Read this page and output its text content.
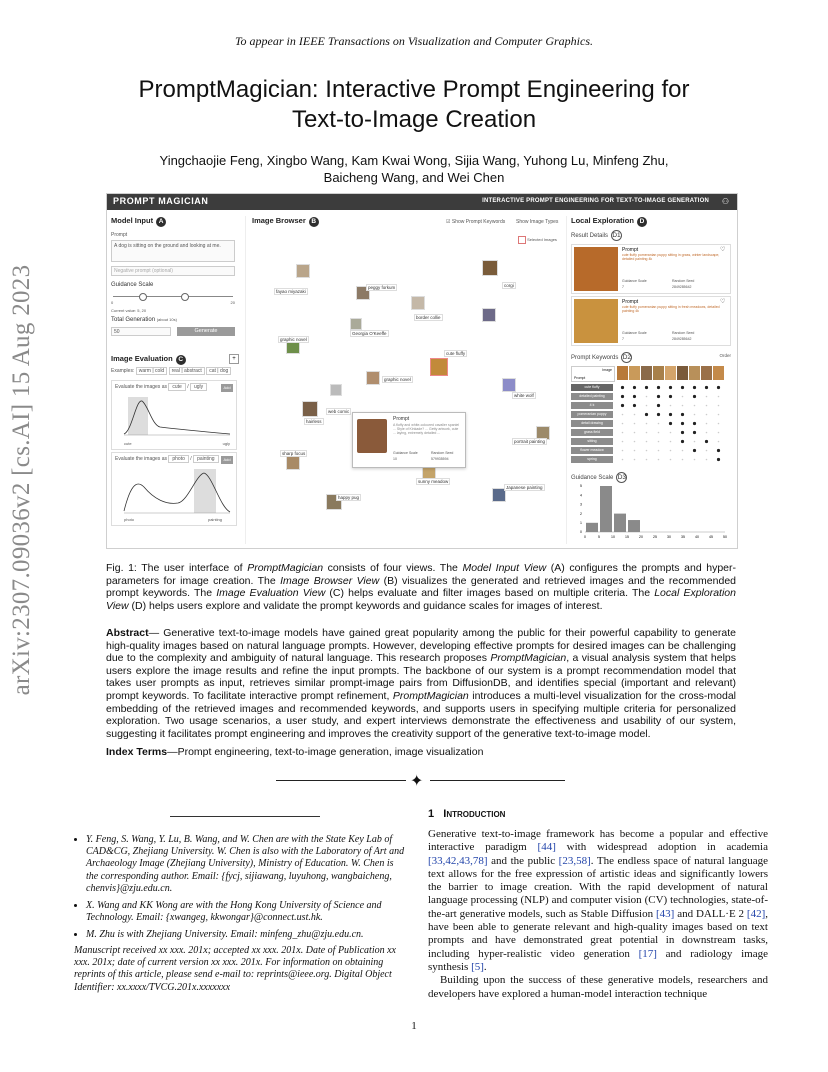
To appear in IEEE Transactions on Visualization and Computer Graphics.
PromptMagician: Interactive Prompt Engineering for
Text-to-Image Creation
Yingchaojie Feng, Xingbo Wang, Kam Kwai Wong, Sijia Wang, Yuhong Lu, Minfeng Zhu,
Baicheng Wang, and Wei Chen
arXiv:2307.09036v2 [cs.AI] 15 Aug 2023
PROMPT MAGICIAN	INTERACTIVE PROMPT ENGINEERING FOR TEXT-TO-IMAGE GENERATION ⚇
Model Input A
Prompt
A dog is sitting on the ground and looking at me.
Negative prompt (optional)
Guidance Scale
0	20
Current value: 5, 20
Total Generation (about 10s)
50	Generate
Image Evaluation C	+
Examples: warm | cold real | abstract cat | dog
Evaluate the images as cute / ugly	Add
cute	ugly
Evaluate the images as photo / painting	Add
photo	painting
Image Browser B	☑ Show Prompt Keywords Show Image Types
Selected Images
fayao miyazaki
peggy forkum	corgi
border collie
Georgia O'Keeffe
graphic novel
cute fluffy
graphic novel
white wolf
web comic
hairless
portrait painting
sharp focus
sunny meadow
Japanese painting
happy pug
Prompt
A fluffy and white-coloured cavalier spaniel ... Style of Kinkade? ... Getty artwork, cute ... laying, extremely detailed ...
Guidance Scale
10
Random Seed
579935594
Local Exploration D
Result Details D1
Prompt	♡
cute fluffy pomeranian puppy sitting in grass, winter landscape, detailed painting 4k
Guidance Scale
7
Random Seed
2849285642
Prompt	♡
cute fluffy pomeranian puppy sitting in fresh meadows, detailed painting 4k
Guidance Scale
7
Random Seed
2849285642
Prompt Keywords D2	Order
Image
Prompt
cute fluffy
detailed painting
4 k
pomeranian puppy
detail drawing
grass field
sitting
flower meadow
spring
Guidance Scale D3
0	5	10	15	20	25	30	35	40	45	50
0
1
2
3
4
5
Fig. 1: The user interface of PromptMagician consists of four views. The Model Input View (A) configures the prompts and hyper-parameters for image creation. The Image Browser View (B) visualizes the generated and retrieved images and the recommended prompt keywords. The Image Evaluation View (C) helps evaluate and filter images based on multiple criteria. The Local Exploration View (D) helps users explore and validate the prompt keywords and guidance scales for images of interest.
Abstract— Generative text-to-image models have gained great popularity among the public for their powerful capability to generate high-quality images based on natural language prompts. However, developing effective prompts for desired images can be challenging due to the complexity and ambiguity of natural language. This research proposes PromptMagician, a visual analysis system that helps users explore the image results and refine the input prompts. The backbone of our system is a prompt recommendation model that takes user prompts as input, retrieves similar prompt-image pairs from DiffusionDB, and identifies special (important and relevant) prompt keywords. To facilitate interactive prompt refinement, PromptMagician introduces a multi-level visualization for the cross-modal embedding of the retrieved images and recommended keywords, and supports users in specifying multiple criteria for personalized exploration. Two usage scenarios, a user study, and expert interviews demonstrate the effectiveness and usability of our system, suggesting it facilitates prompt engineering and improves the creativity support of the generative text-to-image model.
Index Terms—Prompt engineering, text-to-image generation, image visualization
✦
• Y. Feng, S. Wang, Y. Lu, B. Wang, and W. Chen are with the State Key Lab of CAD&CG, Zhejiang University. W. Chen is also with the Laboratory of Art and Archaeology Image (Zhejiang University), Ministry of Education. W. Chen is the corresponding author. Email: {fycj, sijiawang, luyuhong, wangbaicheng, chenvis}@zju.edu.cn.
• X. Wang and KK Wong are with the Hong Kong University of Science and Technology. Email: {xwangeg, kkwongar}@connect.ust.hk.
• M. Zhu is with Zhejiang University. Email: minfeng_zhu@zju.edu.cn.
Manuscript received xx xxx. 201x; accepted xx xxx. 201x. Date of Publication xx xxx. 201x; date of current version xx xxx. 201x. For information on obtaining reprints of this article, please send e-mail to: reprints@ieee.org. Digital Object Identifier: xx.xxxx/TVCG.201x.xxxxxxx
1 Introduction

Generative text-to-image framework has become a popular and effective interactive paradigm [44] with widespread adoption in academia [33,42,43,78] and the public [23,58]. The endless space of natural language text allows for the free expression of artistic ideas and significantly lowers the barrier to image creation. With the rapid development of natural language processing (NLP) and computer vision (CV) technologies, state-of-the-art generative models, such as Stable Diffusion [43] and DALL·E 2 [42], have been able to generate relevant and high-quality images based on text prompts and have demonstrated great potential in downstream tasks, including hyper-realistic video generation [17] and radiology image synthesis [5].

Building upon the success of these generative models, researchers and developers have explored a human-model interaction technique

1
